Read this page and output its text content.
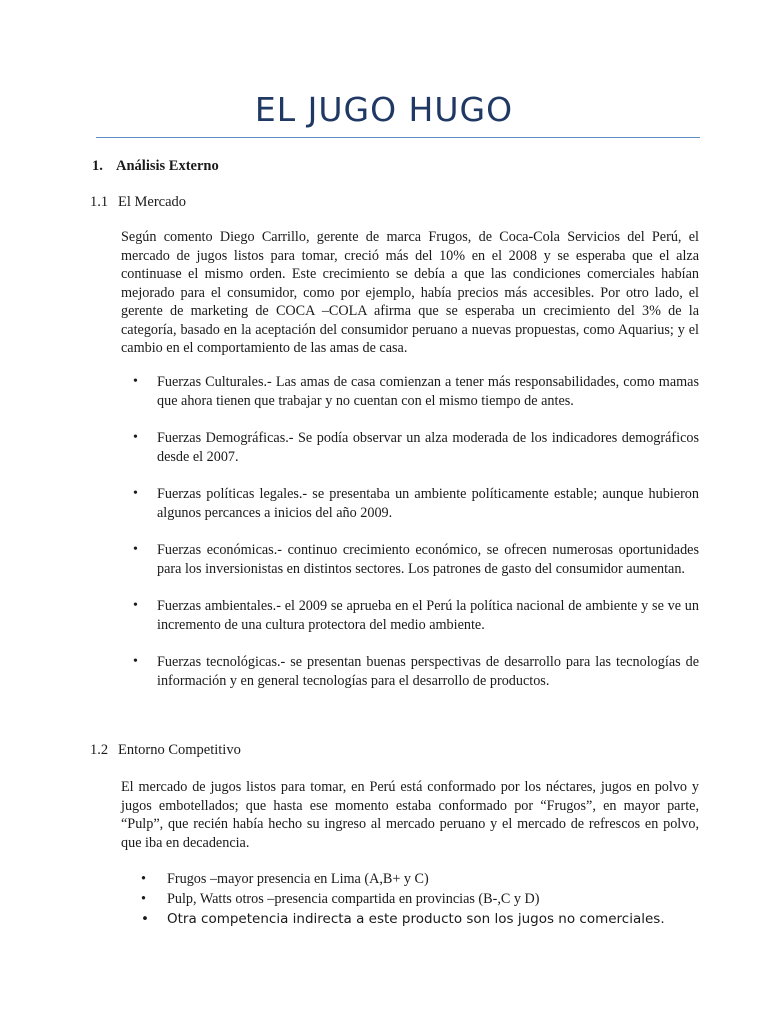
EL JUGO HUGO
1. Análisis Externo
1.1 El Mercado

Según comento Diego Carrillo, gerente de marca Frugos, de Coca-Cola Servicios del Perú, el mercado de jugos listos para tomar, creció más del 10% en el 2008 y se esperaba que el alza continuase el mismo orden. Este crecimiento se debía a que las condiciones comerciales habían mejorado para el consumidor, como por ejemplo, había precios más accesibles. Por otro lado, el gerente de marketing de COCA –COLA afirma que se esperaba un crecimiento del 3% de la categoría, basado en la aceptación del consumidor peruano a nuevas propuestas, como Aquarius; y el cambio en el comportamiento de las amas de casa.

• Fuerzas Culturales.- Las amas de casa comienzan a tener más responsabilidades, como mamas que ahora tienen que trabajar y no cuentan con el mismo tiempo de antes.
• Fuerzas Demográficas.- Se podía observar un alza moderada de los indicadores demográficos desde el 2007.
• Fuerzas políticas legales.- se presentaba un ambiente políticamente estable; aunque hubieron algunos percances a inicios del año 2009.
• Fuerzas económicas.- continuo crecimiento económico, se ofrecen numerosas oportunidades para los inversionistas en distintos sectores. Los patrones de gasto del consumidor aumentan.
• Fuerzas ambientales.- el 2009 se aprueba en el Perú la política nacional de ambiente y se ve un incremento de una cultura protectora del medio ambiente.
• Fuerzas tecnológicas.- se presentan buenas perspectivas de desarrollo para las tecnologías de información y en general tecnologías para el desarrollo de productos.
1.2 Entorno Competitivo

El mercado de jugos listos para tomar, en Perú está conformado por los néctares, jugos en polvo y jugos embotellados; que hasta ese momento estaba conformado por “Frugos”, en mayor parte, “Pulp”, que recién había hecho su ingreso al mercado peruano y el mercado de refrescos en polvo, que iba en decadencia.

• Frugos –mayor presencia en Lima (A,B+ y C)
• Pulp, Watts otros –presencia compartida en provincias (B-,C y D)
• Otra competencia indirecta a este producto son los jugos no comerciales.
